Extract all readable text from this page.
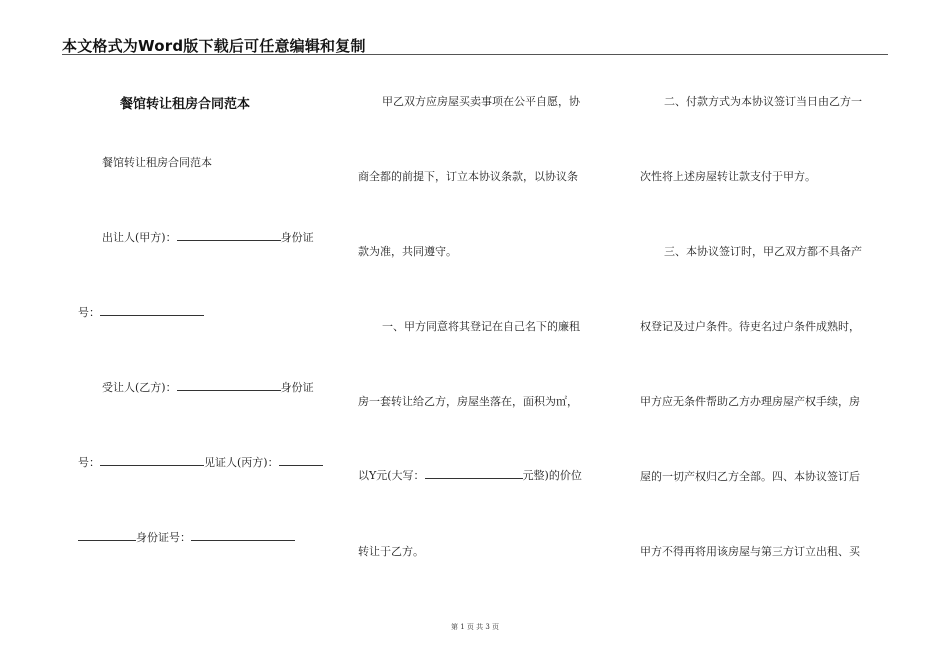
本文格式为Word版下载后可任意编辑和复制
餐馆转让租房合同范本
餐馆转让租房合同范本
出让人(甲方)：	身份证
号：
受让人(乙方)：	身份证
号：	见证人(丙方)：
身份证号：
甲乙双方应房屋买卖事项在公平自愿，协
商全都的前提下，订立本协议条款，以协议条
款为准，共同遵守。
一、甲方同意将其登记在自己名下的廉租
房一套转让给乙方，房屋坐落在，面积为㎡，
以Y元(大写：	元整)的价位
转让于乙方。
二、付款方式为本协议签订当日由乙方一
次性将上述房屋转让款支付于甲方。
三、本协议签订时，甲乙双方都不具备产
权登记及过户条件。待吏名过户条件成熟时，
甲方应无条件帮助乙方办理房屋产权手续，房
屋的一切产权归乙方全部。四、本协议签订后
甲方不得再将用该房屋与第三方订立出租、买
第 1 页 共 3 页
